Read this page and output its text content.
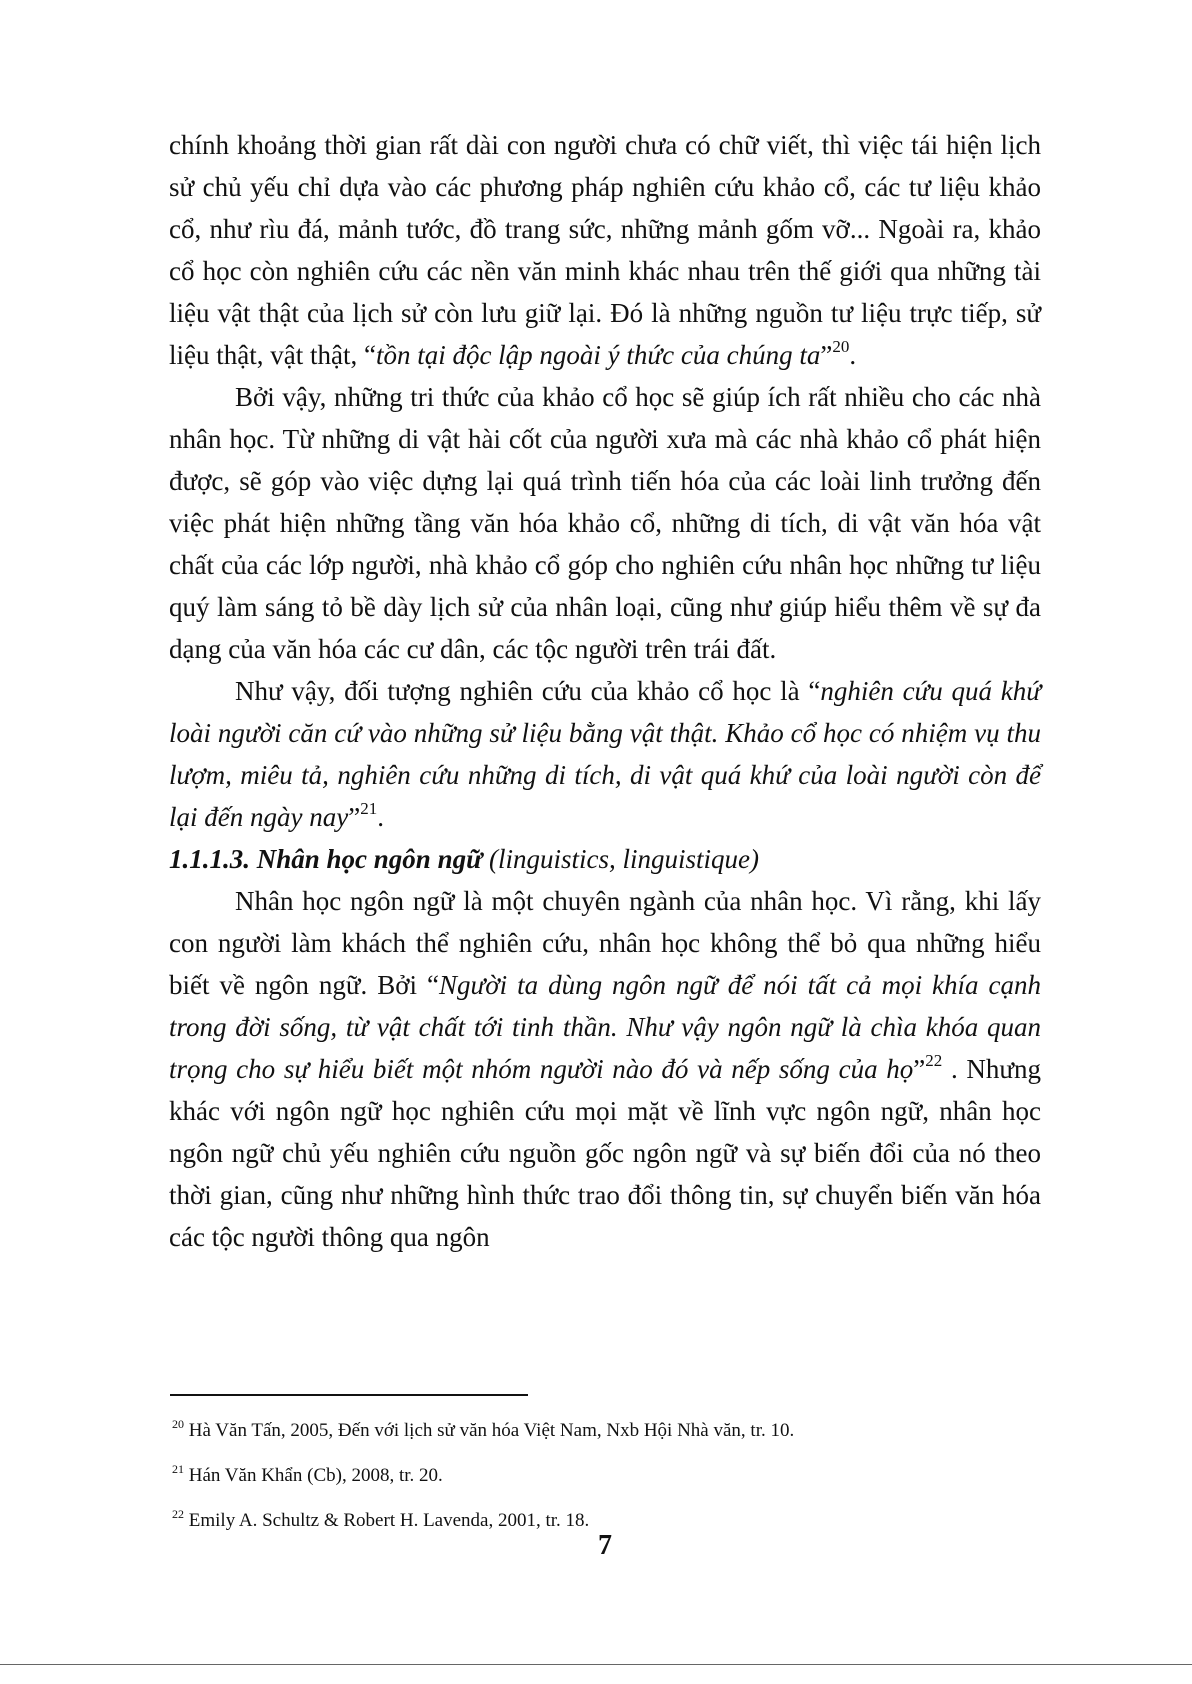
chính khoảng thời gian rất dài con người chưa có chữ viết, thì việc tái hiện lịch sử chủ yếu chỉ dựa vào các phương pháp nghiên cứu khảo cổ, các tư liệu khảo cổ, như rìu đá, mảnh tước, đồ trang sức, những mảnh gốm vỡ... Ngoài ra, khảo cổ học còn nghiên cứu các nền văn minh khác nhau trên thế giới qua những tài liệu vật thật của lịch sử còn lưu giữ lại. Đó là những nguồn tư liệu trực tiếp, sử liệu thật, vật thật, “tồn tại độc lập ngoài ý thức của chúng ta”$^{20}$.

Bởi vậy, những tri thức của khảo cổ học sẽ giúp ích rất nhiều cho các nhà nhân học. Từ những di vật hài cốt của người xưa mà các nhà khảo cổ phát hiện được, sẽ góp vào việc dựng lại quá trình tiến hóa của các loài linh trưởng đến việc phát hiện những tầng văn hóa khảo cổ, những di tích, di vật văn hóa vật chất của các lớp người, nhà khảo cổ góp cho nghiên cứu nhân học những tư liệu quý làm sáng tỏ bề dày lịch sử của nhân loại, cũng như giúp hiểu thêm về sự đa dạng của văn hóa các cư dân, các tộc người trên trái đất.

Như vậy, đối tượng nghiên cứu của khảo cổ học là “nghiên cứu quá khứ loài người căn cứ vào những sử liệu bằng vật thật. Khảo cổ học có nhiệm vụ thu lượm, miêu tả, nghiên cứu những di tích, di vật quá khứ của loài người còn để lại đến ngày nay”$^{21}$.

1.1.1.3. Nhân học ngôn ngữ (linguistics, linguistique)

Nhân học ngôn ngữ là một chuyên ngành của nhân học. Vì rằng, khi lấy con người làm khách thể nghiên cứu, nhân học không thể bỏ qua những hiểu biết về ngôn ngữ. Bởi “Người ta dùng ngôn ngữ để nói tất cả mọi khía cạnh trong đời sống, từ vật chất tới tinh thần. Như vậy ngôn ngữ là chìa khóa quan trọng cho sự hiểu biết một nhóm người nào đó và nếp sống của họ”$^{22}$ . Nhưng khác với ngôn ngữ học nghiên cứu mọi mặt về lĩnh vực ngôn ngữ, nhân học ngôn ngữ chủ yếu nghiên cứu nguồn gốc ngôn ngữ và sự biến đổi của nó theo thời gian, cũng như những hình thức trao đổi thông tin, sự chuyển biến văn hóa các tộc người thông qua ngôn

$^{20}$ Hà Văn Tấn, 2005, Đến với lịch sử văn hóa Việt Nam, Nxb Hội Nhà văn, tr. 10.

$^{21}$ Hán Văn Khẩn (Cb), 2008, tr. 20.

$^{22}$ Emily A. Schultz & Robert H. Lavenda, 2001, tr. 18.

7
